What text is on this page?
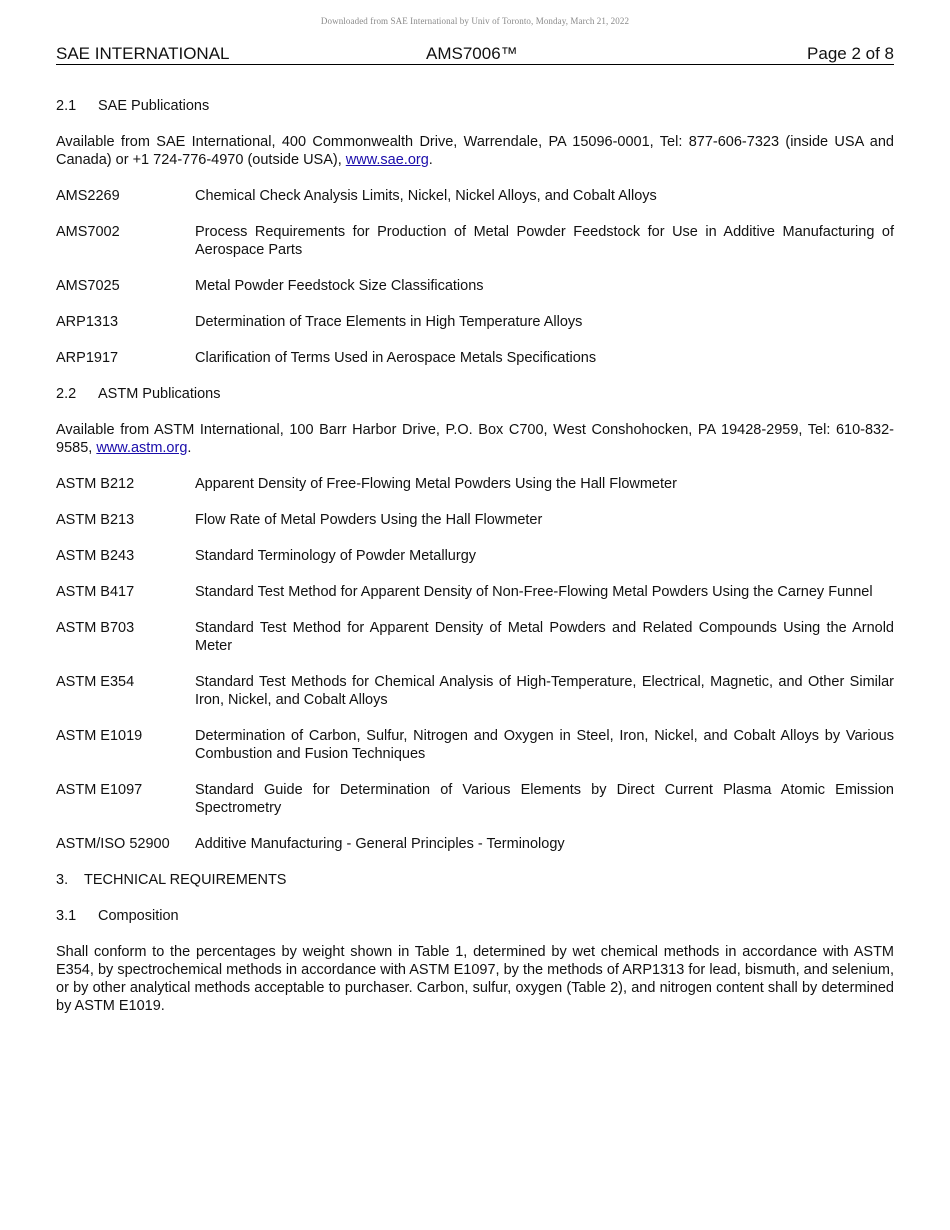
Downloaded from SAE International by Univ of Toronto, Monday, March 21, 2022
SAE INTERNATIONAL	AMS7006™	Page 2 of 8
2.1 SAE Publications
Available from SAE International, 400 Commonwealth Drive, Warrendale, PA 15096-0001, Tel: 877-606-7323 (inside USA and Canada) or +1 724-776-4970 (outside USA), www.sae.org.
AMS2269	Chemical Check Analysis Limits, Nickel, Nickel Alloys, and Cobalt Alloys
AMS7002	Process Requirements for Production of Metal Powder Feedstock for Use in Additive Manufacturing of Aerospace Parts
AMS7025	Metal Powder Feedstock Size Classifications
ARP1313	Determination of Trace Elements in High Temperature Alloys
ARP1917	Clarification of Terms Used in Aerospace Metals Specifications
2.2 ASTM Publications
Available from ASTM International, 100 Barr Harbor Drive, P.O. Box C700, West Conshohocken, PA 19428-2959, Tel: 610-832-9585, www.astm.org.
ASTM B212	Apparent Density of Free-Flowing Metal Powders Using the Hall Flowmeter
ASTM B213	Flow Rate of Metal Powders Using the Hall Flowmeter
ASTM B243	Standard Terminology of Powder Metallurgy
ASTM B417	Standard Test Method for Apparent Density of Non-Free-Flowing Metal Powders Using the Carney Funnel
ASTM B703	Standard Test Method for Apparent Density of Metal Powders and Related Compounds Using the Arnold Meter
ASTM E354	Standard Test Methods for Chemical Analysis of High-Temperature, Electrical, Magnetic, and Other Similar Iron, Nickel, and Cobalt Alloys
ASTM E1019	Determination of Carbon, Sulfur, Nitrogen and Oxygen in Steel, Iron, Nickel, and Cobalt Alloys by Various Combustion and Fusion Techniques
ASTM E1097	Standard Guide for Determination of Various Elements by Direct Current Plasma Atomic Emission Spectrometry
ASTM/ISO 52900	Additive Manufacturing - General Principles - Terminology
3. TECHNICAL REQUIREMENTS
3.1 Composition
Shall conform to the percentages by weight shown in Table 1, determined by wet chemical methods in accordance with ASTM E354, by spectrochemical methods in accordance with ASTM E1097, by the methods of ARP1313 for lead, bismuth, and selenium, or by other analytical methods acceptable to purchaser. Carbon, sulfur, oxygen (Table 2), and nitrogen content shall by determined by ASTM E1019.
